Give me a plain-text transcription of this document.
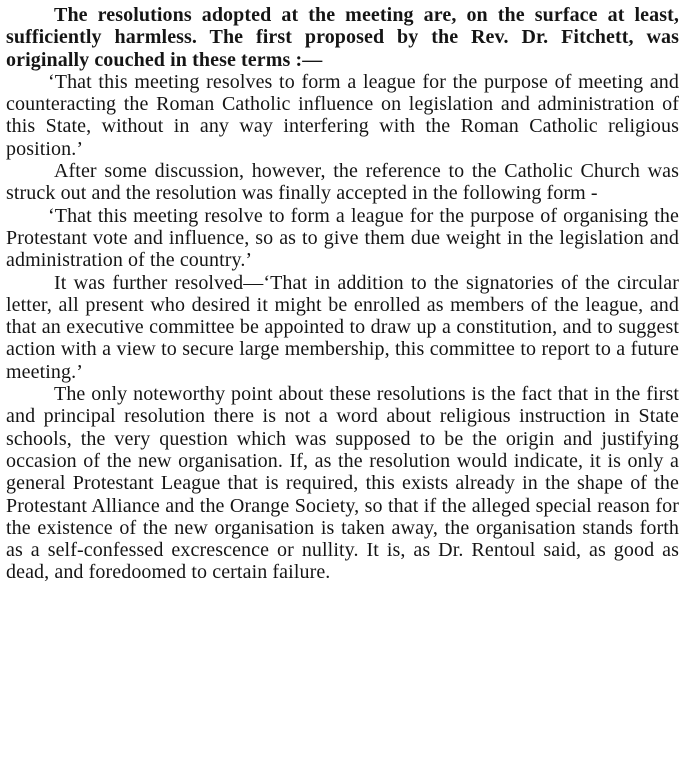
The resolutions adopted at the meeting are, on the surface at least, sufficiently harmless. The first proposed by the Rev. Dr. Fitchett, was originally couched in these terms :—

‘That this meeting resolves to form a league for the purpose of meeting and counteracting the Roman Catholic influence on legislation and administration of this State, without in any way interfering with the Roman Catholic religious position.’

After some discussion, however, the reference to the Catholic Church was struck out and the resolution was finally accepted in the following form -

‘That this meeting resolve to form a league for the purpose of organising the Protestant vote and influence, so as to give them due weight in the legislation and administration of the country.’

It was further resolved—‘That in addition to the signatories of the circular letter, all present who desired it might be enrolled as members of the league, and that an executive committee be appointed to draw up a constitution, and to suggest action with a view to secure large membership, this committee to report to a future meeting.’

The only noteworthy point about these resolutions is the fact that in the first and principal resolution there is not a word about religious instruction in State schools, the very question which was supposed to be the origin and justifying occasion of the new organisation. If, as the resolution would indicate, it is only a general Protestant League that is required, this exists already in the shape of the Protestant Alliance and the Orange Society, so that if the alleged special reason for the existence of the new organisation is taken away, the organisation stands forth as a self-confessed excrescence or nullity. It is, as Dr. Rentoul said, as good as dead, and foredoomed to certain failure.
